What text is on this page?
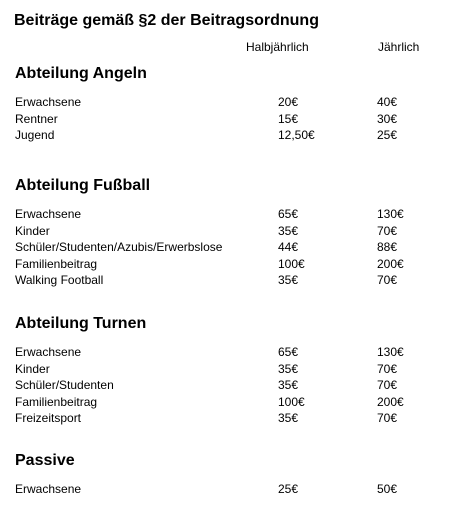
Beiträge gemäß §2 der Beitragsordnung
Halbjährlich	Jährlich
Abteilung Angeln
Erwachsene	20€	40€
Rentner	15€	30€
Jugend	12,50€	25€
Abteilung Fußball
Erwachsene	65€	130€
Kinder	35€	70€
Schüler/Studenten/Azubis/Erwerbslose	44€	88€
Familienbeitrag	100€	200€
Walking Football	35€	70€
Abteilung Turnen
Erwachsene	65€	130€
Kinder	35€	70€
Schüler/Studenten	35€	70€
Familienbeitrag	100€	200€
Freizeitsport	35€	70€
Passive
Erwachsene	25€	50€
